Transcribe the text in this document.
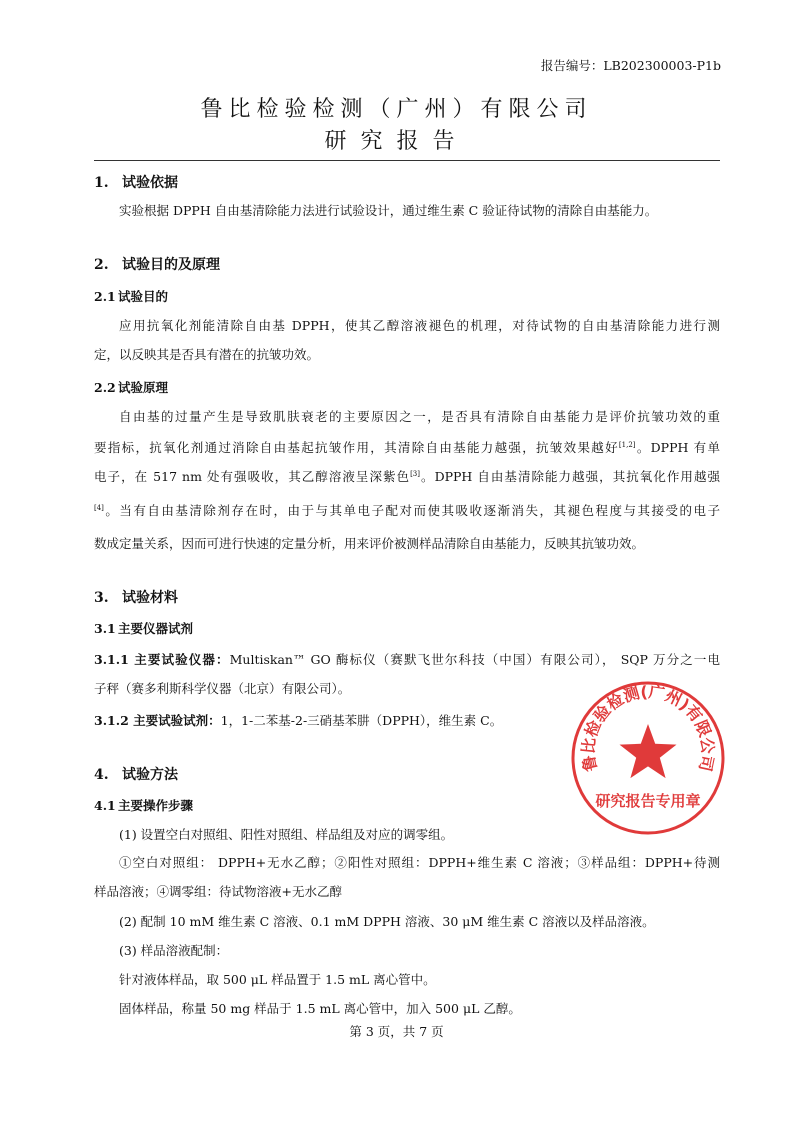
报告编号：LB202300003-P1b
鲁比检验检测（广州）有限公司
研究报告
1. 试验依据
实验根据 DPPH 自由基清除能力法进行试验设计，通过维生素 C 验证待试物的清除自由基能力。
2. 试验目的及原理
2.1 试验目的
应用抗氧化剂能清除自由基 DPPH，使其乙醇溶液褪色的机理，对待试物的自由基清除能力进行测
定，以反映其是否具有潜在的抗皱功效。
2.2 试验原理
自由基的过量产生是导致肌肤衰老的主要原因之一，是否具有清除自由基能力是评价抗皱功效的重
要指标，抗氧化剂通过消除自由基起抗皱作用，其清除自由基能力越强，抗皱效果越好[1,2]。DPPH 有单
电子，在 517 nm 处有强吸收，其乙醇溶液呈深紫色[3]。DPPH 自由基清除能力越强，其抗氧化作用越强
[4]。当有自由基清除剂存在时，由于与其单电子配对而使其吸收逐渐消失，其褪色程度与其接受的电子
数成定量关系，因而可进行快速的定量分析，用来评价被测样品清除自由基能力，反映其抗皱功效。
3. 试验材料
3.1 主要仪器试剂
3.1.1 主要试验仪器：Multiskan™ GO 酶标仪（赛默飞世尔科技（中国）有限公司）， SQP 万分之一电
子秤（赛多利斯科学仪器（北京）有限公司）。
3.1.2 主要试验试剂：1，1-二苯基-2-三硝基苯肼（DPPH），维生素 C。
4. 试验方法
4.1 主要操作步骤
(1) 设置空白对照组、阳性对照组、样品组及对应的调零组。
①空白对照组： DPPH+无水乙醇；②阳性对照组：DPPH+维生素 C 溶液；③样品组：DPPH+待测
样品溶液；④调零组：待试物溶液+无水乙醇
(2) 配制 10 mM 维生素 C 溶液、0.1 mM DPPH 溶液、30 μM 维生素 C 溶液以及样品溶液。
(3) 样品溶液配制：
针对液体样品，取 500 μL 样品置于 1.5 mL 离心管中。
固体样品，称量 50 mg 样品于 1.5 mL 离心管中，加入 500 μL 乙醇。
鲁比检验检测(广州)有限公司
研究报告专用章
第 3 页，共 7 页
